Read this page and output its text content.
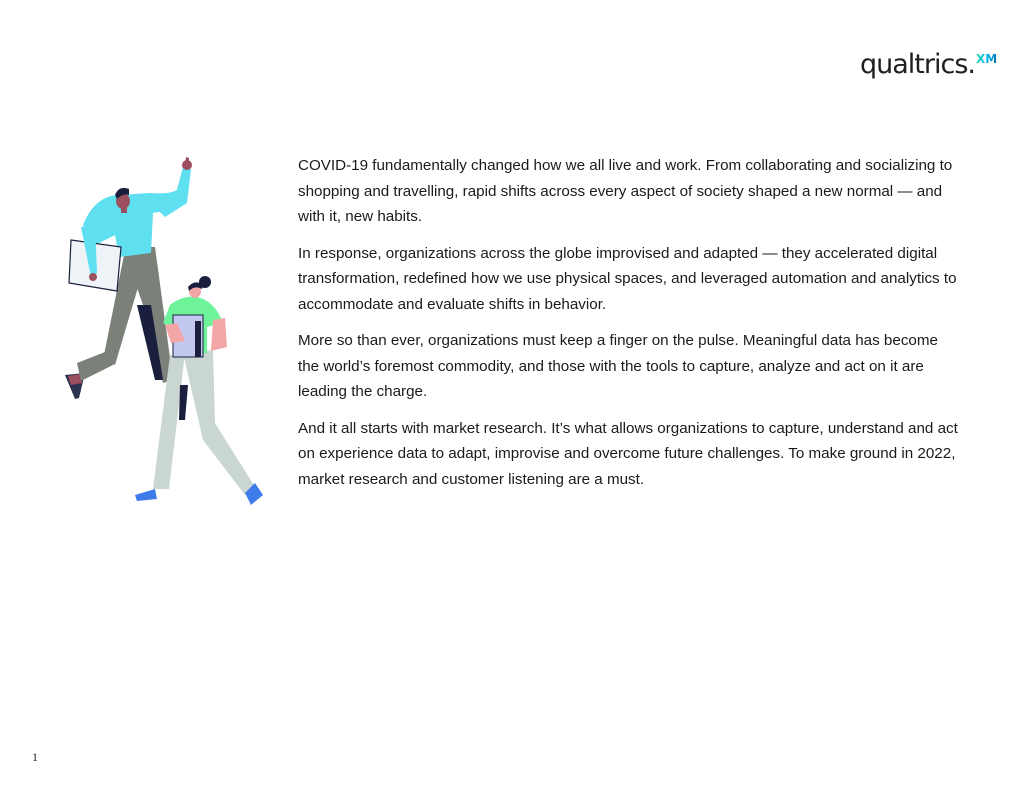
qualtrics. XM

COVID-19 fundamentally changed how we all live and work. From collaborating and socializing to shopping and travelling, rapid shifts across every aspect of society shaped a new normal — and with it, new habits.

In response, organizations across the globe improvised and adapted — they accelerated digital transformation, redefined how we use physical spaces, and leveraged automation and analytics to accommodate and evaluate shifts in behavior.

More so than ever, organizations must keep a finger on the pulse. Meaningful data has become the world’s foremost commodity, and those with the tools to capture, analyze and act on it are leading the charge.

And it all starts with market research. It’s what allows organizations to capture, understand and act on experience data to adapt, improvise and overcome future challenges. To make ground in 2022, market research and customer listening are a must.

1
